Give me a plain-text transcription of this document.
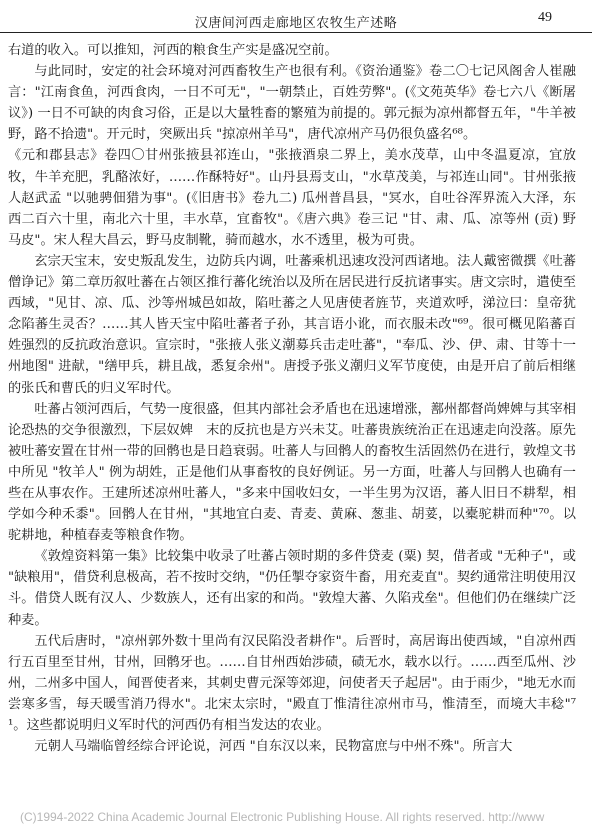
汉唐间河西走廊地区农牧生产述略	49

右道的收入。可以推知，河西的粮食生产实是盛况空前。

与此同时，安定的社会环境对河西畜牧生产也很有利。《资治通鉴》卷二〇七记风阁舍人崔融言："江南食鱼，河西食肉，一日不可无"，"一朝禁止，百姓劳弊"。(《文苑英华》卷七六八《断屠议》) 一日不可缺的肉食习俗，正是以大量牲畜的繁殖为前提的。郭元振为凉州都督五年，"牛羊被野，路不拾遗"。开元时，突厥出兵 "掠凉州羊马"，唐代凉州产马仍很负盛名⁶⁸。

《元和郡县志》卷四〇甘州张掖县祁连山，"张掖酒泉二界上，美水茂草，山中冬温夏凉，宜放牧，牛羊充肥，乳酪浓好，……作酥特好"。山丹县焉支山，"水草茂美，与祁连山同"。甘州张掖人赵武孟 "以驰骋佃猎为事"。(《旧唐书》卷九二) 瓜州普昌县，"冥水，自吐谷浑界流入大泽，东西二百六十里，南北六十里，丰水草，宜畜牧"。《唐六典》卷三记 "甘、肃、瓜、凉等州 (贡) 野马皮"。宋人程大昌云，野马皮制靴，骑而越水，水不透里，极为可贵。

玄宗天宝末，安史叛乱发生，边防兵内调，吐蕃乘机迅速攻没河西诸地。法人戴密微撰《吐蕃僧诤记》第二章历叙吐蕃在占领区推行蕃化统治以及所在居民进行反抗诸事实。唐文宗时，遣使至西域，"见甘、凉、瓜、沙等州城邑如故，陷吐蕃之人见唐使者旌节，夹道欢呼，涕泣曰：皇帝犹念陷蕃生灵否？……其人皆天宝中陷吐蕃者子孙，其言语小讹，而衣服未改"⁶⁹。很可概见陷蕃百姓强烈的反抗政治意识。宣宗时，"张掖人张义潮募兵击走吐蕃"，"奉瓜、沙、伊、肃、甘等十一州地图" 进献，"缮甲兵，耕且战，悉复余州"。唐授予张义潮归义军节度使，由是开启了前后相继的张氏和曹氏的归义军时代。

吐蕃占领河西后，气势一度很盛，但其内部社会矛盾也在迅速增涨，鄯州都督尚婢婢与其宰相论恐热的交争很激烈，下层奴婢　末的反抗也是方兴未艾。吐蕃贵族统治正在迅速走向没落。原先被吐蕃安置在甘州一带的回鹘也是日趋衰弱。吐蕃人与回鹘人的畜牧生活固然仍在进行，敦煌文书中所见 "牧羊人" 例为胡姓，正是他们从事畜牧的良好例证。另一方面，吐蕃人与回鹘人也确有一些在从事农作。王建所述凉州吐蕃人，"多来中国收妇女，一半生男为汉语，蕃人旧日不耕犁，相学如今种禾黍"。回鹘人在甘州，"其地宜白麦、青麦、黄麻、葱韭、胡荽，以橐驼耕而种"⁷⁰。以驼耕地，种植春麦等粮食作物。

《敦煌资料第一集》比较集中收录了吐蕃占领时期的多件贷麦 (粟) 契，借者或 "无种子"，或 "缺粮用"，借贷利息极高，若不按时交纳，"仍任掣夺家资牛畜，用充麦直"。契约通常注明使用汉斗。借贷人既有汉人、少数族人，还有出家的和尚。"敦煌大蕃、久陷戎垒"。但他们仍在继续广泛种麦。

五代后唐时，"凉州郭外数十里尚有汉民陷没者耕作"。后晋时，高居诲出使西域，"自凉州西行五百里至甘州，甘州，回鹘牙也。……自甘州西始涉碛，碛无水，载水以行。……西至瓜州、沙州，二州多中国人，闻晋使者来，其刺史曹元深等郊迎，问使者天子起居"。由于雨少，"地无水而尝寒多雪，每天暖雪消乃得水"。北宋太宗时，"殿直丁惟清往凉州市马，惟清至，而境大丰稔"⁷¹。这些都说明归义军时代的河西仍有相当发达的农业。

元朝人马端临曾经综合评论说，河西 "自东汉以来，民物富庶与中州不殊"。所言大

(C)1994-2022 China Academic Journal Electronic Publishing House. All rights reserved. http://www
